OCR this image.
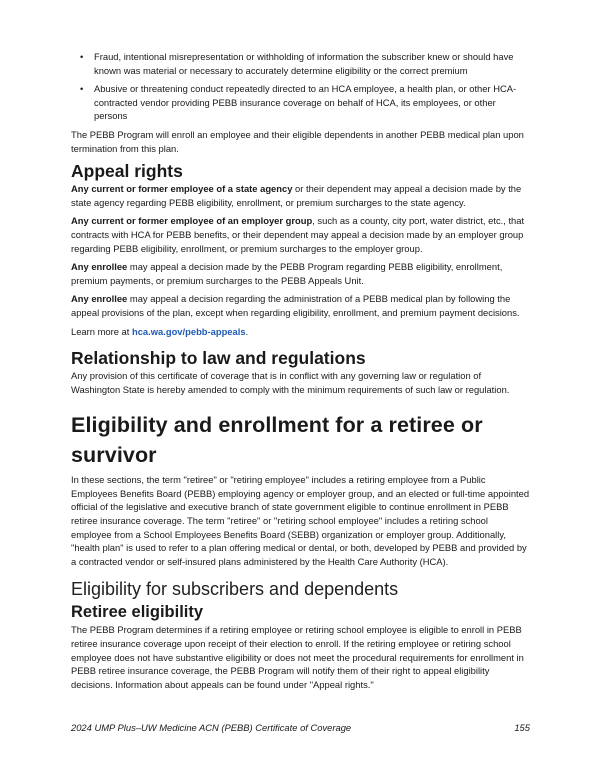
• Fraud, intentional misrepresentation or withholding of information the subscriber knew or should have known was material or necessary to accurately determine eligibility or the correct premium
• Abusive or threatening conduct repeatedly directed to an HCA employee, a health plan, or other HCA-contracted vendor providing PEBB insurance coverage on behalf of HCA, its employees, or other persons

The PEBB Program will enroll an employee and their eligible dependents in another PEBB medical plan upon termination from this plan.

Appeal rights

Any current or former employee of a state agency or their dependent may appeal a decision made by the state agency regarding PEBB eligibility, enrollment, or premium surcharges to the state agency.

Any current or former employee of an employer group, such as a county, city port, water district, etc., that contracts with HCA for PEBB benefits, or their dependent may appeal a decision made by an employer group regarding PEBB eligibility, enrollment, or premium surcharges to the employer group.

Any enrollee may appeal a decision made by the PEBB Program regarding PEBB eligibility, enrollment, premium payments, or premium surcharges to the PEBB Appeals Unit.

Any enrollee may appeal a decision regarding the administration of a PEBB medical plan by following the appeal provisions of the plan, except when regarding eligibility, enrollment, and premium payment decisions.

Learn more at hca.wa.gov/pebb-appeals.

Relationship to law and regulations

Any provision of this certificate of coverage that is in conflict with any governing law or regulation of Washington State is hereby amended to comply with the minimum requirements of such law or regulation.

Eligibility and enrollment for a retiree or survivor

In these sections, the term "retiree" or "retiring employee" includes a retiring employee from a Public Employees Benefits Board (PEBB) employing agency or employer group, and an elected or full-time appointed official of the legislative and executive branch of state government eligible to continue enrollment in PEBB retiree insurance coverage. The term "retiree" or "retiring school employee" includes a retiring school employee from a School Employees Benefits Board (SEBB) organization or employer group. Additionally, "health plan" is used to refer to a plan offering medical or dental, or both, developed by PEBB and provided by a contracted vendor or self-insured plans administered by the Health Care Authority (HCA).

Eligibility for subscribers and dependents
Retiree eligibility

The PEBB Program determines if a retiring employee or retiring school employee is eligible to enroll in PEBB retiree insurance coverage upon receipt of their election to enroll. If the retiring employee or retiring school employee does not have substantive eligibility or does not meet the procedural requirements for enrollment in PEBB retiree insurance coverage, the PEBB Program will notify them of their right to appeal eligibility decisions. Information about appeals can be found under "Appeal rights."

2024 UMP Plus–UW Medicine ACN (PEBB) Certificate of Coverage	155
